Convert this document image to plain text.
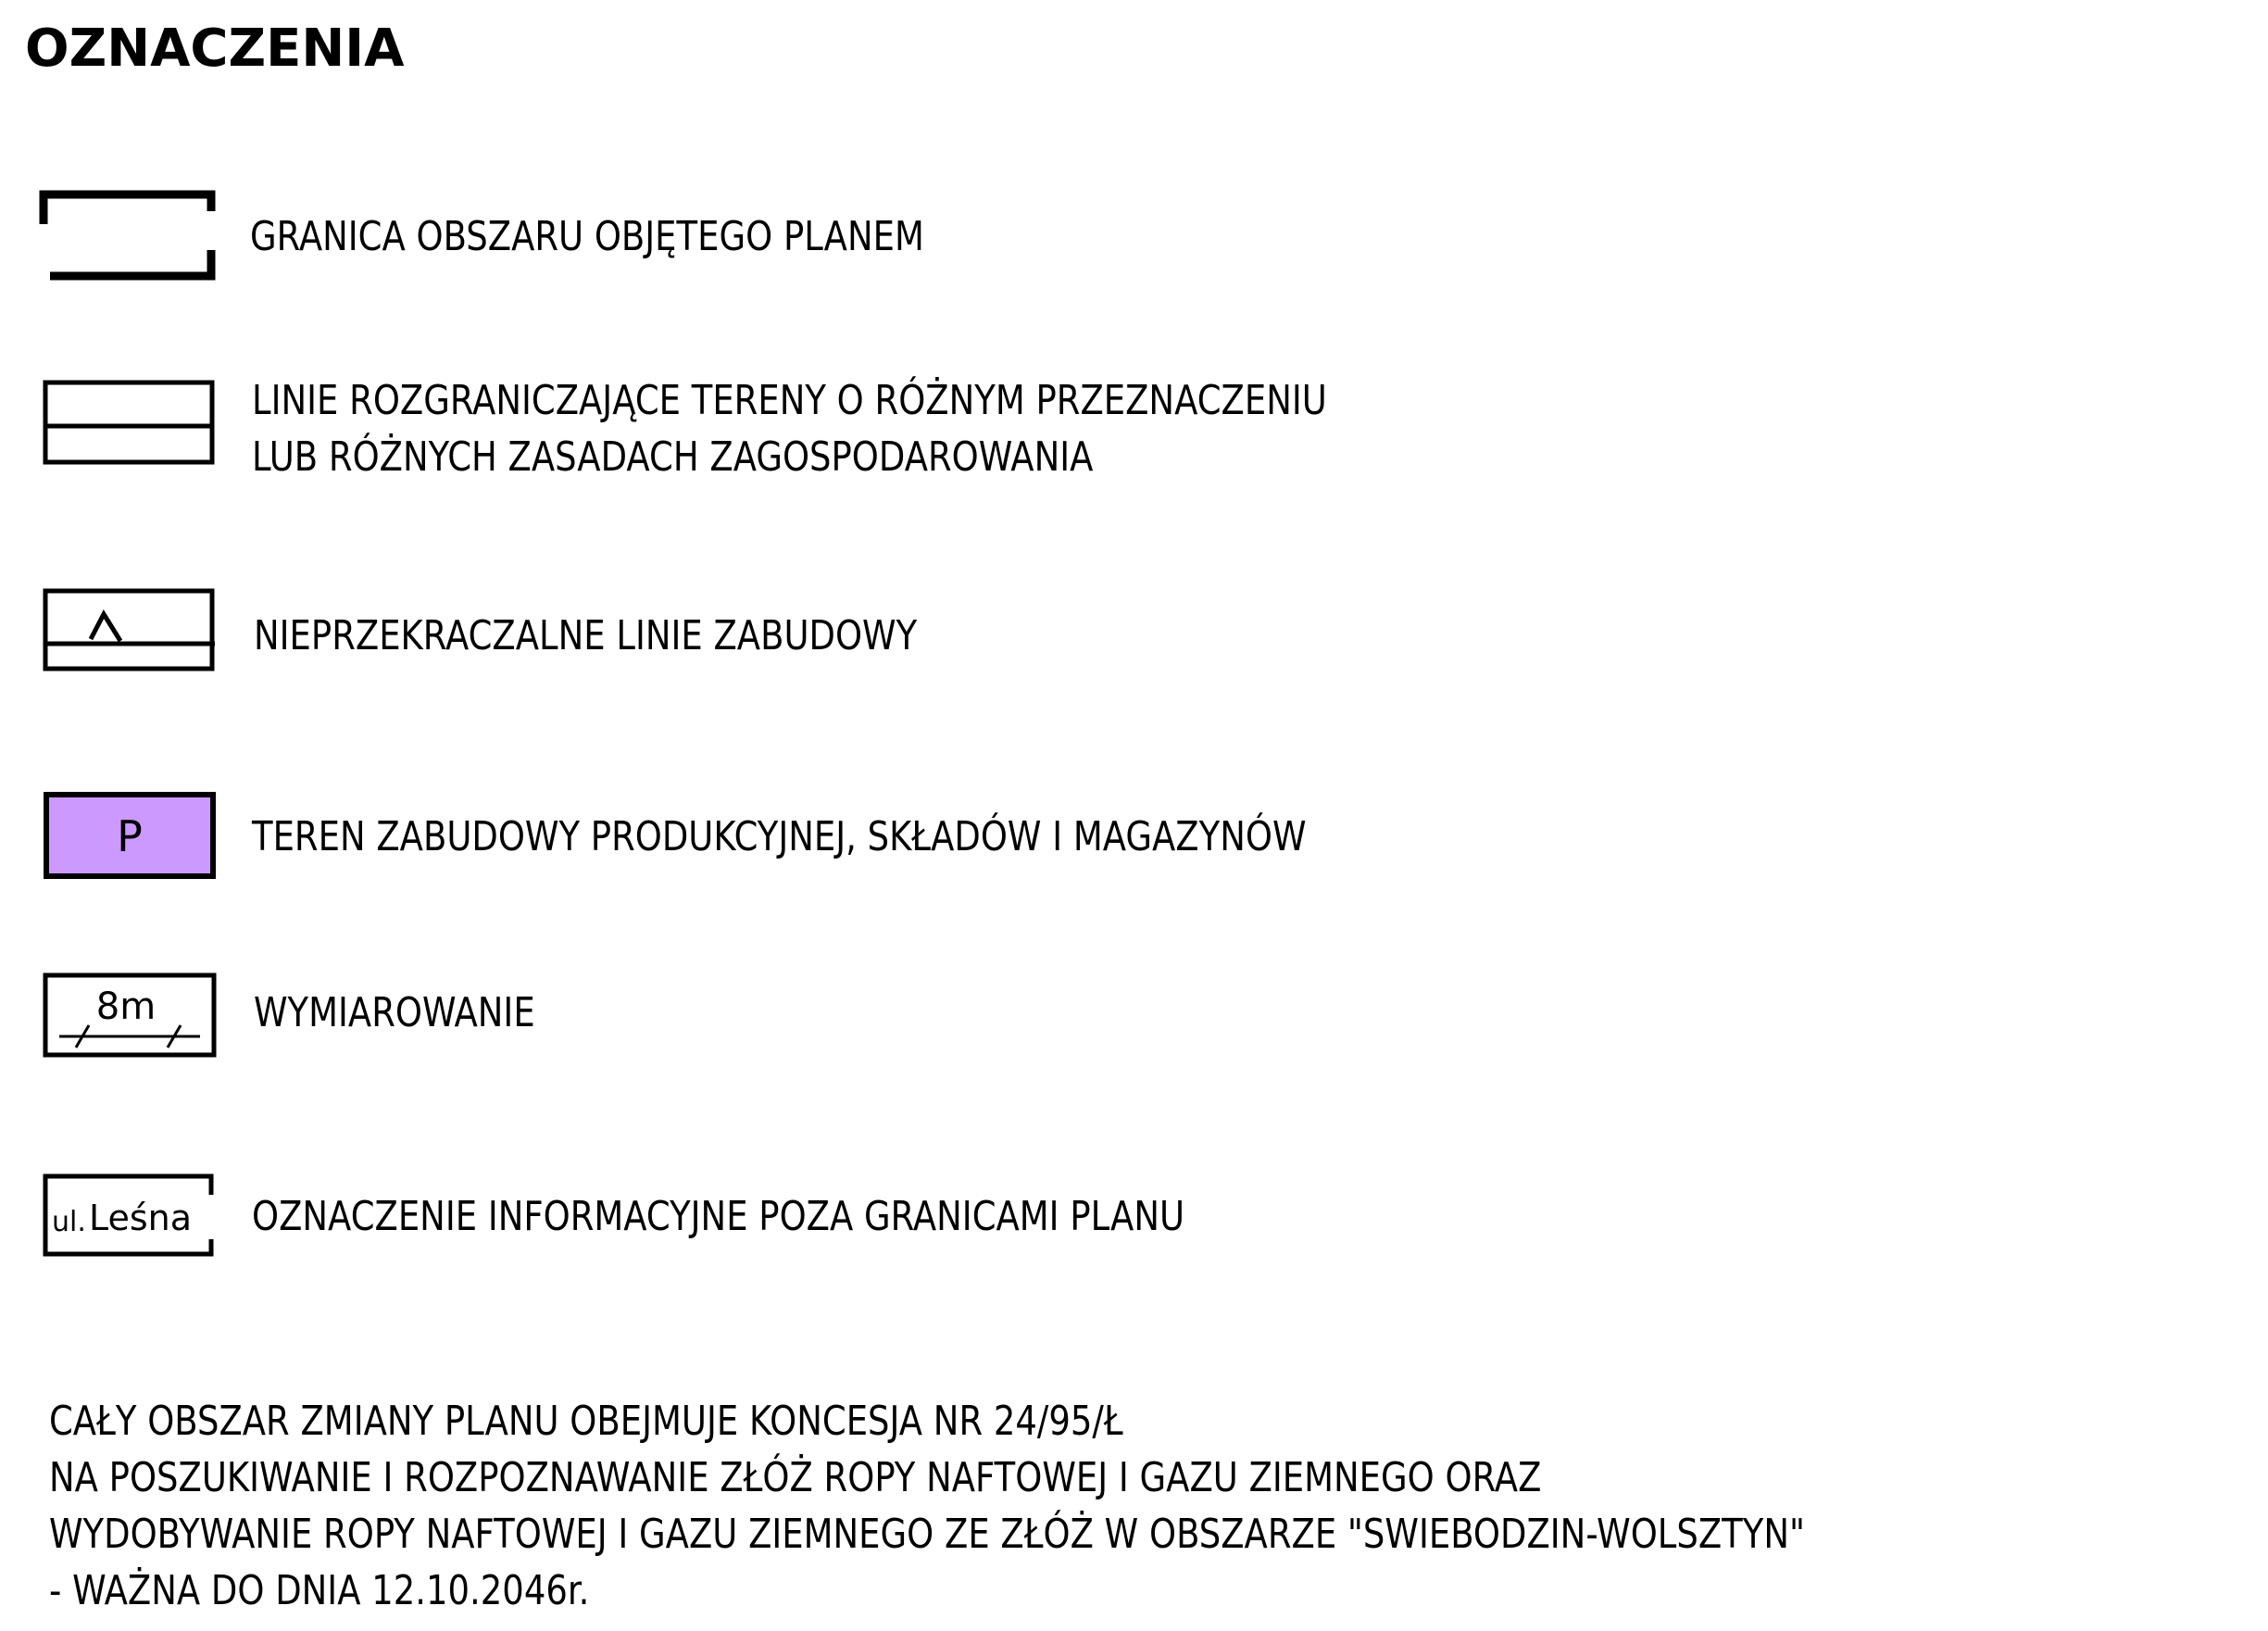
OZNACZENIA
GRANICA OBSZARU OBJĘTEGO PLANEM
LINIE ROZGRANICZAJĄCE TERENY O RÓŻNYM PRZEZNACZENIU
LUB RÓŻNYCH ZASADACH ZAGOSPODAROWANIA
NIEPRZEKRACZALNE LINIE ZABUDOWY
P	TEREN ZABUDOWY PRODUKCYJNEJ, SKŁADÓW I MAGAZYNÓW
8m WYMIAROWANIE
ul. Leśna OZNACZENIE INFORMACYJNE POZA GRANICAMI PLANU
CAŁY OBSZAR ZMIANY PLANU OBEJMUJE KONCESJA NR 24/95/Ł
NA POSZUKIWANIE I ROZPOZNAWANIE ZŁÓŻ ROPY NAFTOWEJ I GAZU ZIEMNEGO ORAZ
WYDOBYWANIE ROPY NAFTOWEJ I GAZU ZIEMNEGO ZE ZŁÓŻ W OBSZARZE "SWIEBODZIN-WOLSZTYN"
- WAŻNA DO DNIA 12.10.2046r.
